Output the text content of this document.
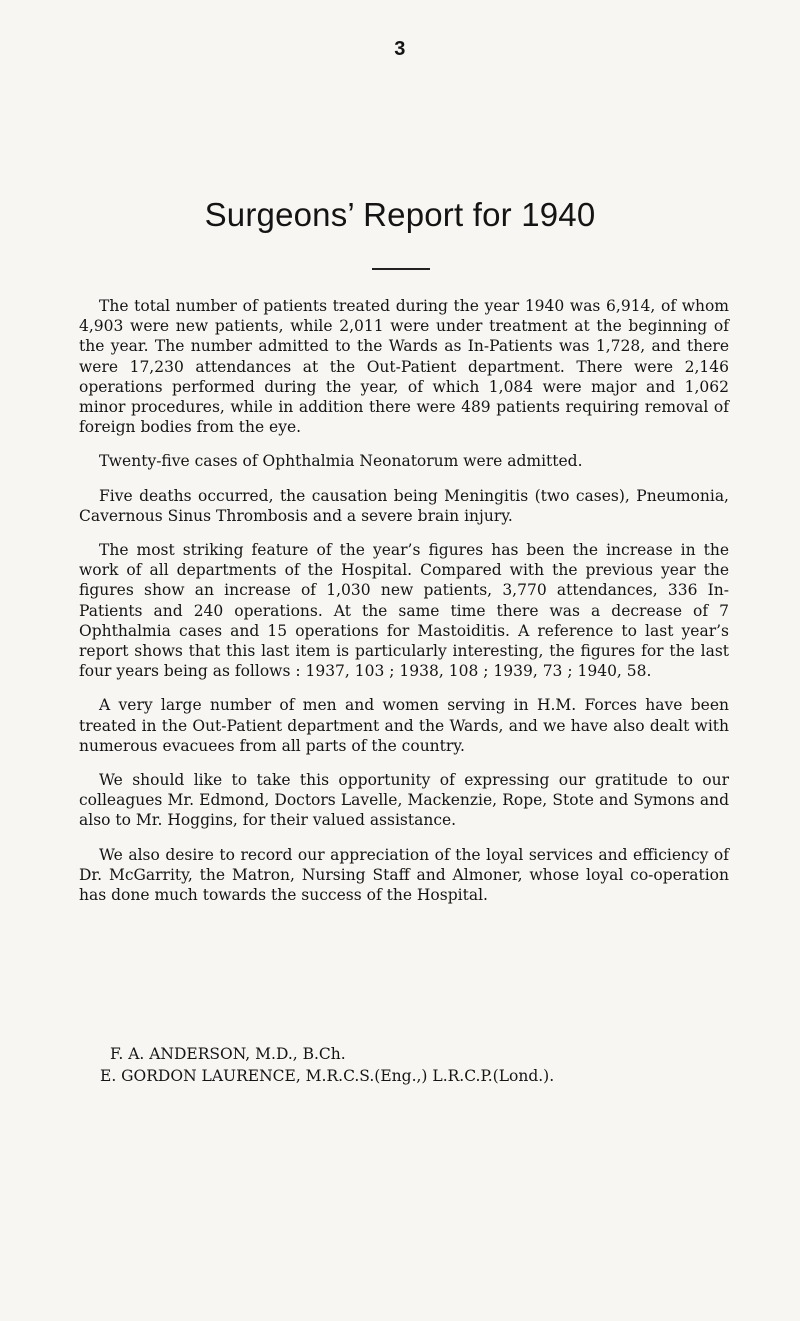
3
Surgeons’ Report for 1940

The total number of patients treated during the year 1940 was 6,914, of whom 4,903 were new patients, while 2,011 were under treatment at the beginning of the year. The number admitted to the Wards as In-Patients was 1,728, and there were 17,230 attendances at the Out-Patient department. There were 2,146 operations performed during the year, of which 1,084 were major and 1,062 minor procedures, while in addition there were 489 patients requiring removal of foreign bodies from the eye.

Twenty-five cases of Ophthalmia Neonatorum were admitted.

Five deaths occurred, the causation being Meningitis (two cases), Pneumonia, Cavernous Sinus Thrombosis and a severe brain injury.

The most striking feature of the year’s figures has been the increase in the work of all departments of the Hospital. Compared with the previous year the figures show an increase of 1,030 new patients, 3,770 attendances, 336 In-Patients and 240 operations. At the same time there was a decrease of 7 Ophthalmia cases and 15 operations for Mastoiditis. A reference to last year’s report shows that this last item is particularly interesting, the figures for the last four years being as follows : 1937, 103 ; 1938, 108 ; 1939, 73 ; 1940, 58.

A very large number of men and women serving in H.M. Forces have been treated in the Out-Patient department and the Wards, and we have also dealt with numerous evacuees from all parts of the country.

We should like to take this opportunity of expressing our gratitude to our colleagues Mr. Edmond, Doctors Lavelle, Mackenzie, Rope, Stote and Symons and also to Mr. Hoggins, for their valued assistance.

We also desire to record our appreciation of the loyal services and efficiency of Dr. McGarrity, the Matron, Nursing Staff and Almoner, whose loyal co-operation has done much towards the success of the Hospital.

F. A. ANDERSON, M.D., B.Ch.
E. GORDON LAURENCE, M.R.C.S.(Eng.,) L.R.C.P.(Lond.).
